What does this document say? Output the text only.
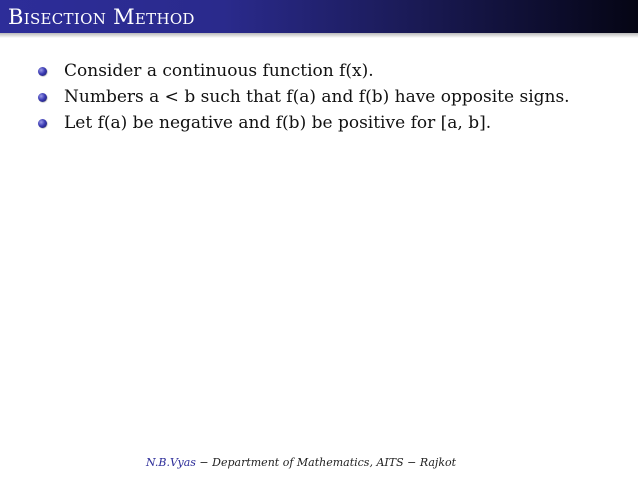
Bisection Method
Consider a continuous function f(x).
Numbers a < b such that f(a) and f(b) have opposite signs.
Let f(a) be negative and f(b) be positive for [a, b].
N.B.Vyas − Department of Mathematics, AITS − Rajkot
